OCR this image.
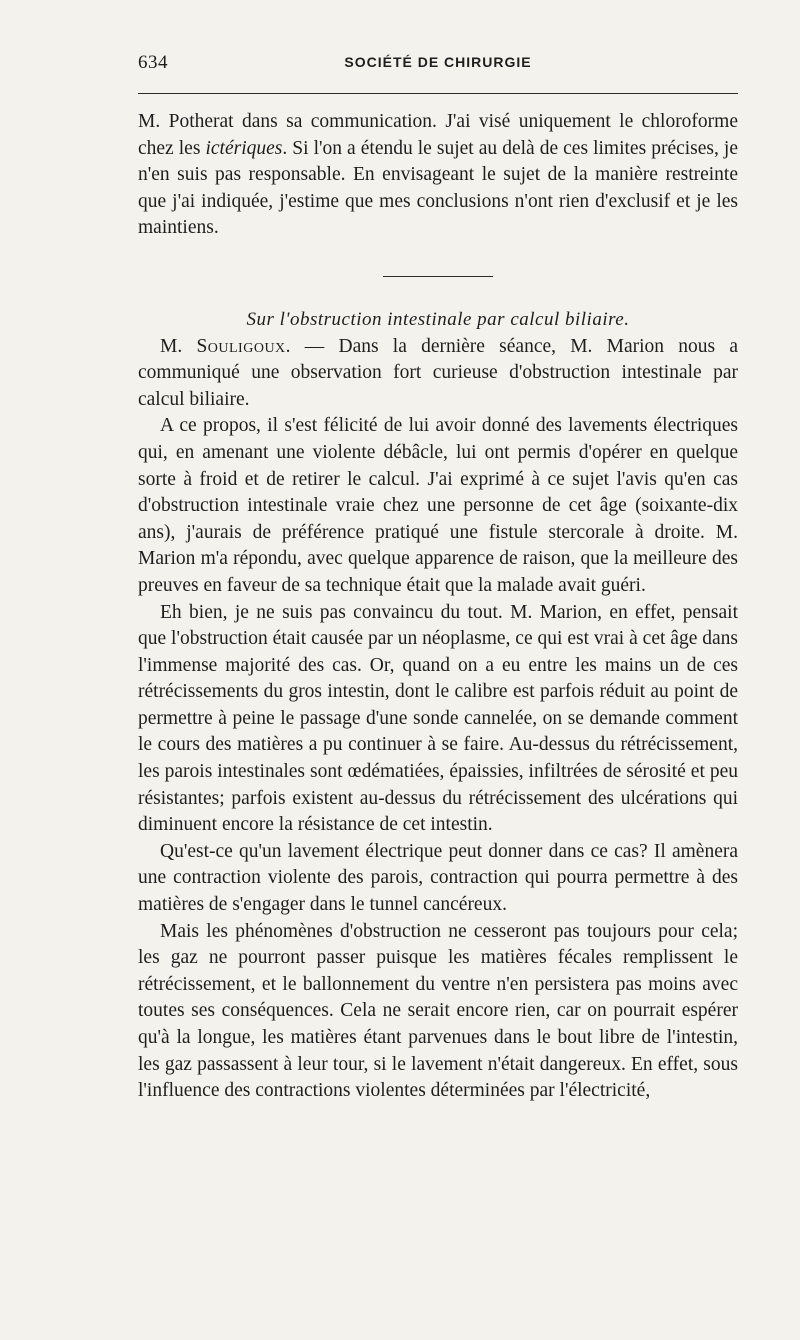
634	SOCIÉTÉ DE CHIRURGIE

M. Potherat dans sa communication. J'ai visé uniquement le chloroforme chez les ictériques. Si l'on a étendu le sujet au delà de ces limites précises, je n'en suis pas responsable. En envisageant le sujet de la manière restreinte que j'ai indiquée, j'estime que mes conclusions n'ont rien d'exclusif et je les maintiens.

Sur l'obstruction intestinale par calcul biliaire.

M. Souligoux. — Dans la dernière séance, M. Marion nous a communiqué une observation fort curieuse d'obstruction intestinale par calcul biliaire.

A ce propos, il s'est félicité de lui avoir donné des lavements électriques qui, en amenant une violente débâcle, lui ont permis d'opérer en quelque sorte à froid et de retirer le calcul. J'ai exprimé à ce sujet l'avis qu'en cas d'obstruction intestinale vraie chez une personne de cet âge (soixante-dix ans), j'aurais de préférence pratiqué une fistule stercorale à droite. M. Marion m'a répondu, avec quelque apparence de raison, que la meilleure des preuves en faveur de sa technique était que la malade avait guéri.

Eh bien, je ne suis pas convaincu du tout. M. Marion, en effet, pensait que l'obstruction était causée par un néoplasme, ce qui est vrai à cet âge dans l'immense majorité des cas. Or, quand on a eu entre les mains un de ces rétrécissements du gros intestin, dont le calibre est parfois réduit au point de permettre à peine le passage d'une sonde cannelée, on se demande comment le cours des matières a pu continuer à se faire. Au-dessus du rétrécissement, les parois intestinales sont œdématiées, épaissies, infiltrées de sérosité et peu résistantes; parfois existent au-dessus du rétrécissement des ulcérations qui diminuent encore la résistance de cet intestin.

Qu'est-ce qu'un lavement électrique peut donner dans ce cas? Il amènera une contraction violente des parois, contraction qui pourra permettre à des matières de s'engager dans le tunnel cancéreux.

Mais les phénomènes d'obstruction ne cesseront pas toujours pour cela; les gaz ne pourront passer puisque les matières fécales remplissent le rétrécissement, et le ballonnement du ventre n'en persistera pas moins avec toutes ses conséquences. Cela ne serait encore rien, car on pourrait espérer qu'à la longue, les matières étant parvenues dans le bout libre de l'intestin, les gaz passassent à leur tour, si le lavement n'était dangereux. En effet, sous l'influence des contractions violentes déterminées par l'électricité,
